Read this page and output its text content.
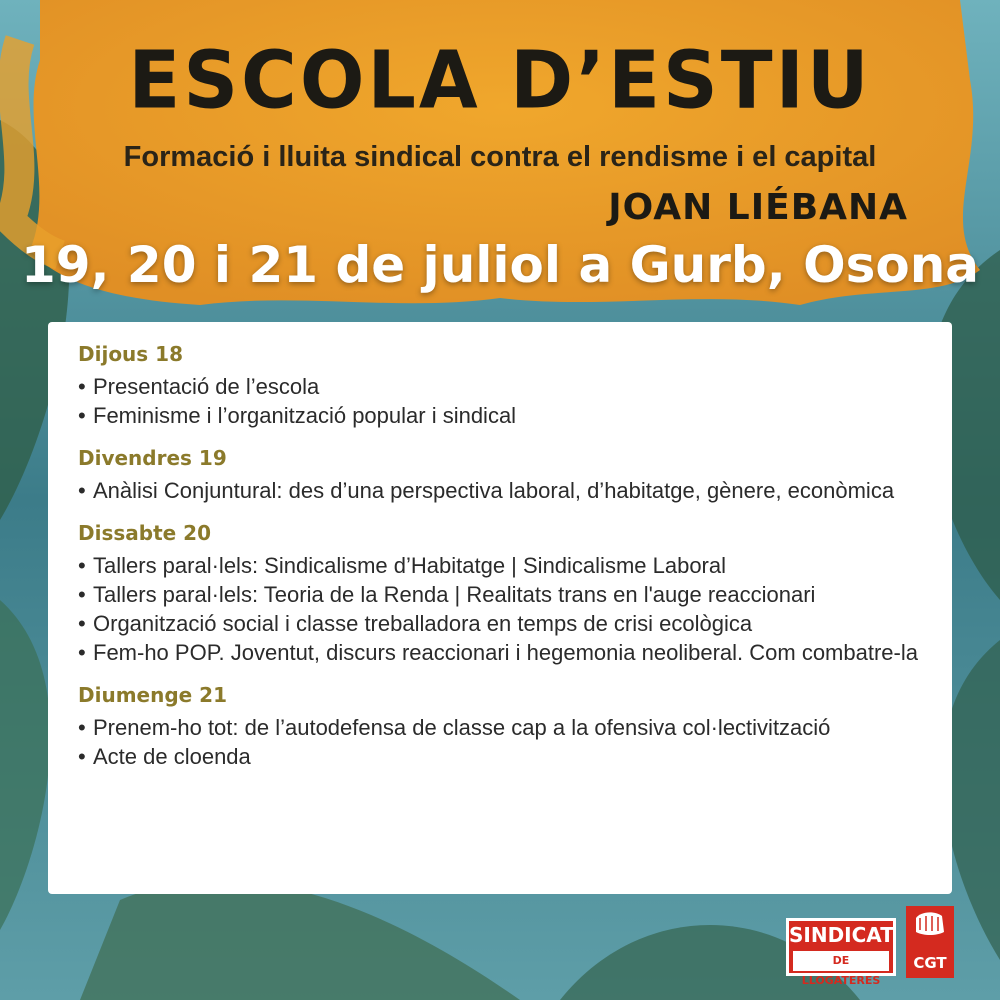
ESCOLA D’ESTIU

Formació i lluita sindical contra el rendisme i el capital

JOAN LIÉBANA

19, 20 i 21 de juliol a Gurb, Osona

Dijous 18
• Presentació de l’escola
• Feminisme i l’organització popular i sindical
Divendres 19
• Anàlisi Conjuntural: des d’una perspectiva laboral, d’habitatge, gènere, econòmica
Dissabte 20
• Tallers paral·lels: Sindicalisme d’Habitatge | Sindicalisme Laboral
• Tallers paral·lels: Teoria de la Renda | Realitats trans en l'auge reaccionari
• Organització social i classe treballadora en temps de crisi ecològica
• Fem-ho POP. Joventut, discurs reaccionari i hegemonia neoliberal. Com combatre-la
Diumenge 21
• Prenem-ho tot: de l’autodefensa de classe cap a la ofensiva col·lectivització
• Acte de cloenda
SINDICAT
DE LLOGATERES
CGT
